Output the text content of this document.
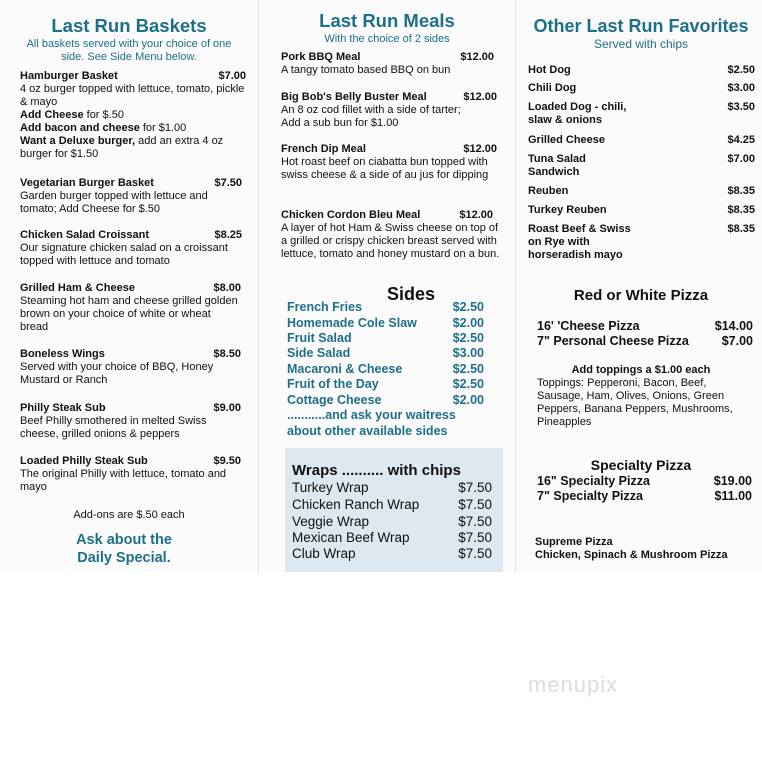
Last Run Baskets
All baskets served with your choice of one side. See Side Menu below.
Hamburger Basket	$7.00
4 oz burger topped with lettuce, tomato, pickle & mayo
Add Cheese for $.50
Add bacon and cheese for $1.00
Want a Deluxe burger, add an extra 4 oz burger for $1.50
Vegetarian Burger Basket	$7.50
Garden burger topped with lettuce and tomato; Add Cheese for $.50
Chicken Salad Croissant	$8.25
Our signature chicken salad on a croissant topped with lettuce and tomato
Grilled Ham & Cheese	$8.00
Steaming hot ham and cheese grilled golden brown on your choice of white or wheat bread
Boneless Wings	$8.50
Served with your choice of BBQ, Honey Mustard or Ranch
Philly Steak Sub	$9.00
Beef Philly smothered in melted Swiss cheese, grilled onions & peppers
Loaded Philly Steak Sub	$9.50
The original Philly with lettuce, tomato and mayo
Add-ons are $.50 each
Ask about the
Daily Special.
Last Run Meals
With the choice of 2 sides
Pork BBQ Meal	$12.00
A tangy tomato based BBQ on bun
Big Bob's Belly Buster Meal	$12.00
An 8 oz cod fillet with a side of tarter;
Add a sub bun for $1.00
French Dip Meal	$12.00
Hot roast beef on ciabatta bun topped with swiss cheese & a side of au jus for dipping
Chicken Cordon Bleu Meal	$12.00
A layer of hot Ham & Swiss cheese on top of a grilled or crispy chicken breast served with lettuce, tomato and honey mustard on a bun.
Sides
French Fries	$2.50
Homemade Cole Slaw	$2.00
Fruit Salad	$2.50
Side Salad	$3.00
Macaroni & Cheese	$2.50
Fruit of the Day	$2.50
Cottage Cheese	$2.00
...........and ask your waitress
about other available sides
Wraps .......... with chips
Turkey Wrap	$7.50
Chicken Ranch Wrap	$7.50
Veggie Wrap	$7.50
Mexican Beef Wrap	$7.50
Club Wrap	$7.50
Other Last Run Favorites
Served with chips
Hot Dog	$2.50
Chili Dog	$3.00
Loaded Dog - chili, slaw & onions
$3.50
Grilled Cheese	$4.25
Tuna Salad Sandwich
$7.00
Reuben	$8.35
Turkey Reuben	$8.35
Roast Beef & Swiss on Rye with horseradish mayo
$8.35
Red or White Pizza
16' 'Cheese Pizza	$14.00
7" Personal Cheese Pizza	$7.00
Add toppings a $1.00 each
Toppings: Pepperoni, Bacon, Beef, Sausage, Ham, Olives, Onions, Green Peppers, Banana Peppers, Mushrooms, Pineapples
Specialty Pizza
16" Specialty Pizza	$19.00
7" Specialty Pizza	$11.00
Supreme Pizza
Chicken, Spinach & Mushroom Pizza
menupix
